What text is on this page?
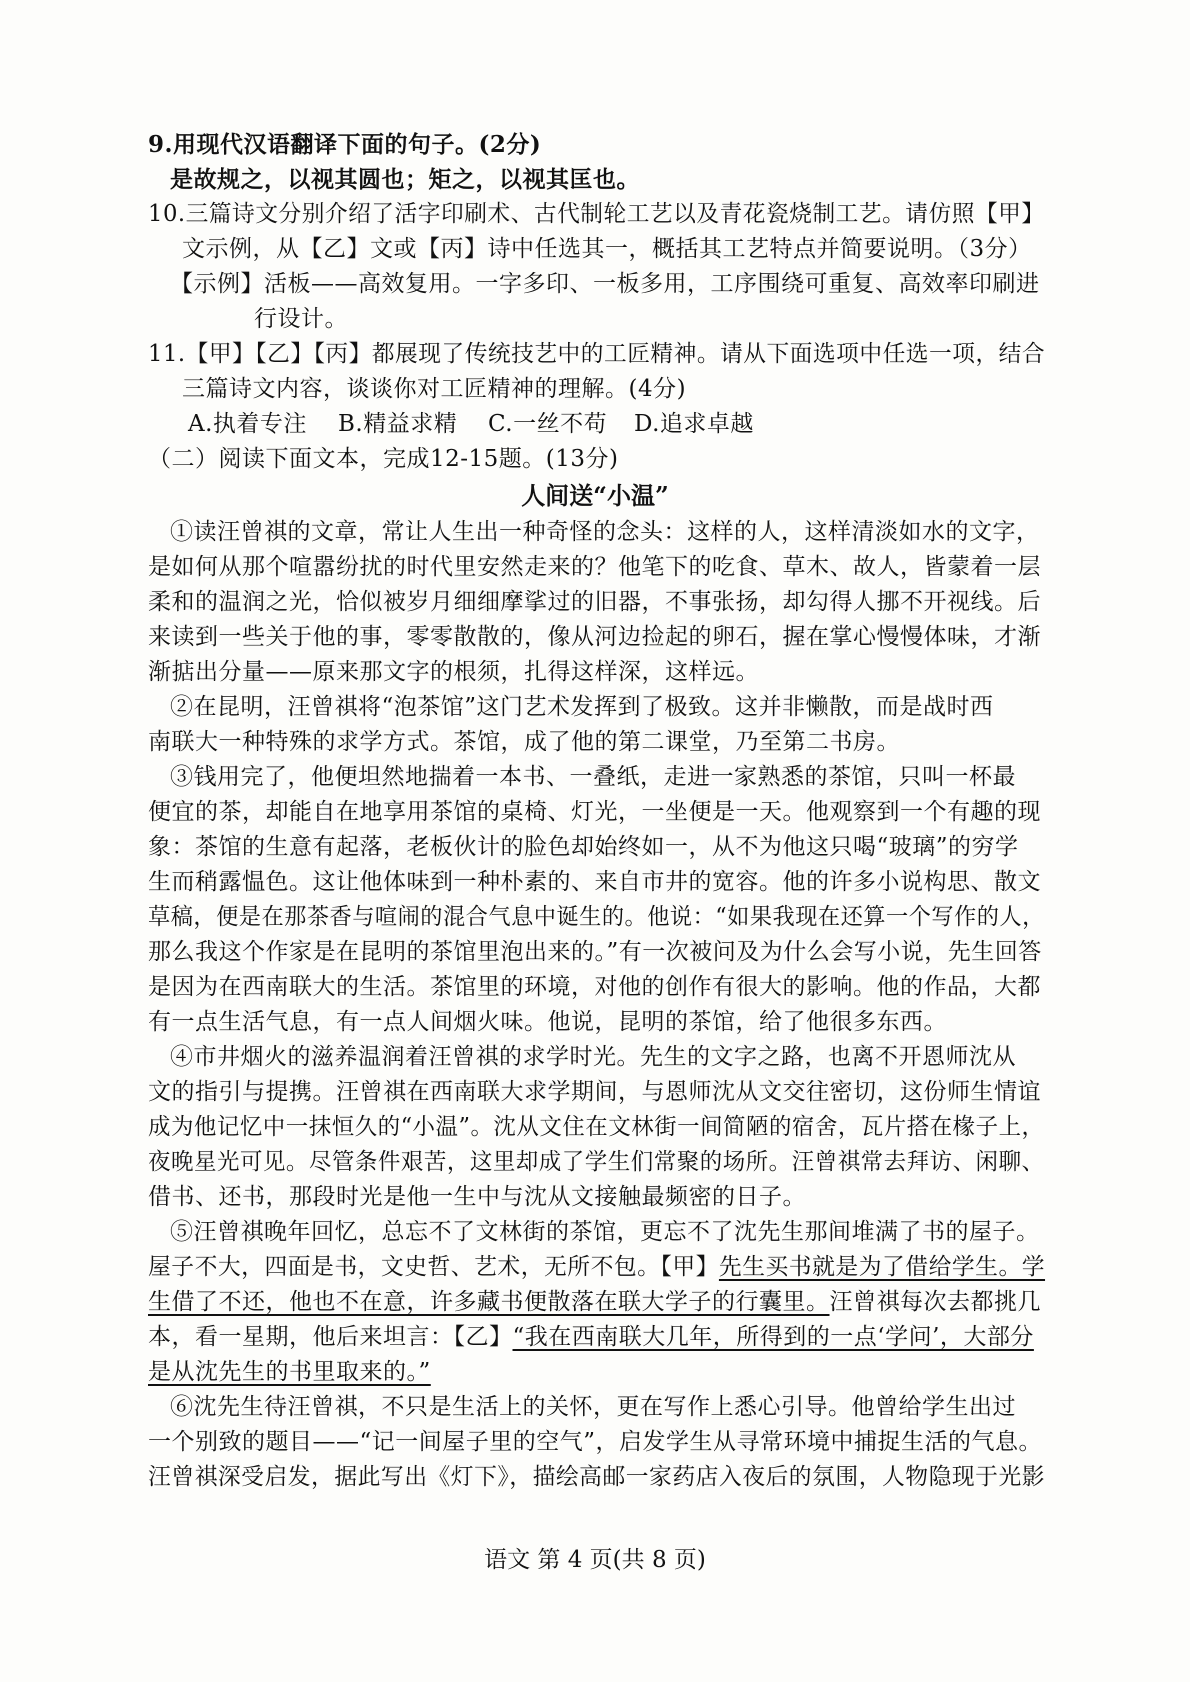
9.用现代汉语翻译下面的句子。(2分)
是故规之，以视其圆也；矩之，以视其匡也。
10.三篇诗文分别介绍了活字印刷术、古代制轮工艺以及青花瓷烧制工艺。请仿照【甲】
文示例，从【乙】文或【丙】诗中任选其一，概括其工艺特点并简要说明。（3分）
【示例】活板——高效复用。一字多印、一板多用，工序围绕可重复、高效率印刷进
行设计。
11.【甲】【乙】【丙】都展现了传统技艺中的工匠精神。请从下面选项中任选一项，结合
三篇诗文内容，谈谈你对工匠精神的理解。(4分)
A.执着专注 B.精益求精 C.一丝不苟 D.追求卓越
（二）阅读下面文本，完成12-15题。(13分)
人间送“小温”
①读汪曾祺的文章，常让人生出一种奇怪的念头：这样的人，这样清淡如水的文字，
是如何从那个喧嚣纷扰的时代里安然走来的？他笔下的吃食、草木、故人，皆蒙着一层
柔和的温润之光，恰似被岁月细细摩挲过的旧器，不事张扬，却勾得人挪不开视线。后
来读到一些关于他的事，零零散散的，像从河边捡起的卵石，握在掌心慢慢体味，才渐
渐掂出分量——原来那文字的根须，扎得这样深，这样远。
②在昆明，汪曾祺将“泡茶馆”这门艺术发挥到了极致。这并非懒散，而是战时西
南联大一种特殊的求学方式。茶馆，成了他的第二课堂，乃至第二书房。
③钱用完了，他便坦然地揣着一本书、一叠纸，走进一家熟悉的茶馆，只叫一杯最
便宜的茶，却能自在地享用茶馆的桌椅、灯光，一坐便是一天。他观察到一个有趣的现
象：茶馆的生意有起落，老板伙计的脸色却始终如一，从不为他这只喝“玻璃”的穷学
生而稍露愠色。这让他体味到一种朴素的、来自市井的宽容。他的许多小说构思、散文
草稿，便是在那茶香与喧闹的混合气息中诞生的。他说：“如果我现在还算一个写作的人，
那么我这个作家是在昆明的茶馆里泡出来的。”有一次被问及为什么会写小说，先生回答
是因为在西南联大的生活。茶馆里的环境，对他的创作有很大的影响。他的作品，大都
有一点生活气息，有一点人间烟火味。他说，昆明的茶馆，给了他很多东西。
④市井烟火的滋养温润着汪曾祺的求学时光。先生的文字之路，也离不开恩师沈从
文的指引与提携。汪曾祺在西南联大求学期间，与恩师沈从文交往密切，这份师生情谊
成为他记忆中一抹恒久的“小温”。沈从文住在文林街一间简陋的宿舍，瓦片搭在椽子上，
夜晚星光可见。尽管条件艰苦，这里却成了学生们常聚的场所。汪曾祺常去拜访、闲聊、
借书、还书，那段时光是他一生中与沈从文接触最频密的日子。
⑤汪曾祺晚年回忆，总忘不了文林街的茶馆，更忘不了沈先生那间堆满了书的屋子。
屋子不大，四面是书，文史哲、艺术，无所不包。【甲】先生买书就是为了借给学生。学
生借了不还，他也不在意，许多藏书便散落在联大学子的行囊里。汪曾祺每次去都挑几
本，看一星期，他后来坦言：【乙】“我在西南联大几年，所得到的一点‘学问’，大部分
是从沈先生的书里取来的。”
⑥沈先生待汪曾祺，不只是生活上的关怀，更在写作上悉心引导。他曾给学生出过
一个别致的题目——“记一间屋子里的空气”，启发学生从寻常环境中捕捉生活的气息。
汪曾祺深受启发，据此写出《灯下》，描绘高邮一家药店入夜后的氛围，人物隐现于光影
语文 第 4 页(共 8 页)
